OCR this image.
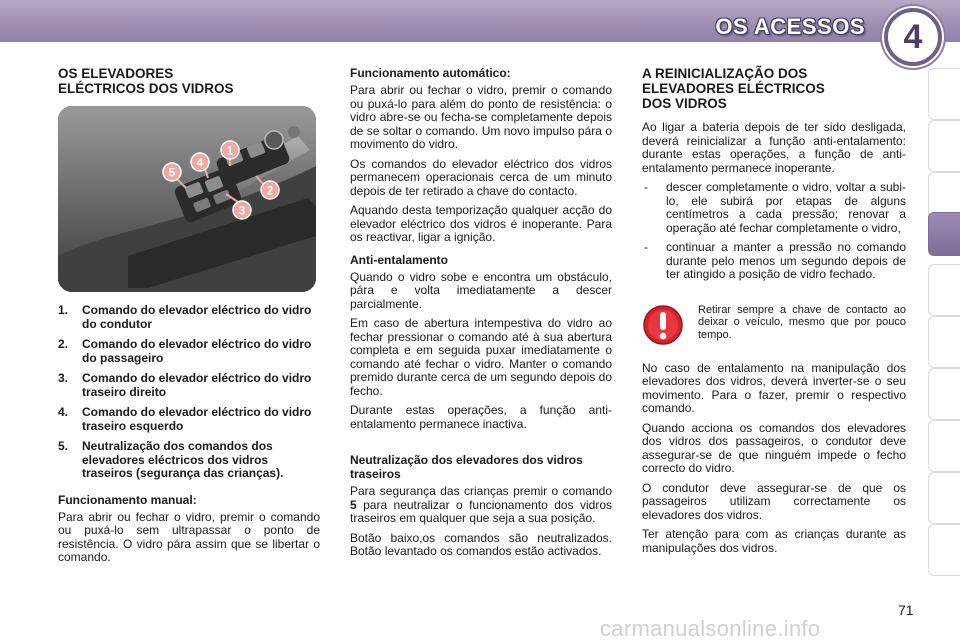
OS ACESSOS 4
OS ELEVADORES
ELÉCTRICOS DOS VIDROS
1
2
3
4
5
1.	Comando do elevador eléctrico do vidro do condutor
2.	Comando do elevador eléctrico do vidro do passageiro
3.	Comando do elevador eléctrico do vidro traseiro direito
4.	Comando do elevador eléctrico do vidro traseiro esquerdo
5.	Neutralização dos comandos dos elevadores eléctricos dos vidros traseiros (segurança das crianças).
Funcionamento manual:

Para abrir ou fechar o vidro, premir o comando ou puxá-lo sem ultrapassar o ponto de resistência. O vidro pára assim que se libertar o comando.

Funcionamento automático:

Para abrir ou fechar o vidro, premir o comando ou puxá-lo para além do ponto de resistência: o vidro abre-se ou fecha-se completamente depois de se soltar o comando. Um novo impulso pára o movimento do vidro.

Os comandos do elevador eléctrico dos vidros permanecem operacionais cerca de um minuto depois de ter retirado a chave do contacto.

Aquando desta temporização qualquer acção do elevador eléctrico dos vidros é inoperante. Para os reactivar, ligar a ignição.

Anti-entalamento

Quando o vidro sobe e encontra um obstáculo, pára e volta imediatamente a descer parcialmente.

Em caso de abertura intempestiva do vidro ao fechar pressionar o comando até à sua abertura completa e em seguida puxar imediatamente o comando até fechar o vidro. Manter o comando premido durante cerca de um segundo depois do fecho.

Durante estas operações, a função anti-entalamento permanece inactiva.

Neutralização dos elevadores dos vidros traseiros

Para segurança das crianças premir o comando 5 para neutralizar o funcionamento dos vidros traseiros em qualquer que seja a sua posição.

Botão baixo,os comandos são neutralizados. Botão levantado os comandos estão activados.

A REINICIALIZAÇÃO DOS
ELEVADORES ELÉCTRICOS
DOS VIDROS

Ao ligar a bateria depois de ter sido desligada, deverá reinicializar a função anti-entalamento: durante estas operações, a função de anti-entalamento permanece inoperante.

-	descer completamente o vidro, voltar a subi-lo, ele subirá por etapas de alguns centímetros a cada pressão; renovar a operação até fechar completamente o vidro,
-	continuar a manter a pressão no comando durante pelo menos um segundo depois de ter atingido a posição de vidro fechado.
Retirar sempre a chave de contacto ao deixar o veículo, mesmo que por pouco tempo.

No caso de entalamento na manipulação dos elevadores dos vidros, deverá inverter-se o seu movimento. Para o fazer, premir o respectivo comando.

Quando acciona os comandos dos elevadores dos vidros dos passageiros, o condutor deve assegurar-se de que ninguém impede o fecho correcto do vidro.

O condutor deve assegurar-se de que os passageiros utilizam correctamente os elevadores dos vidros.

Ter atenção para com as crianças durante as manipulações dos vidros.

71
carmanualsonline.info
